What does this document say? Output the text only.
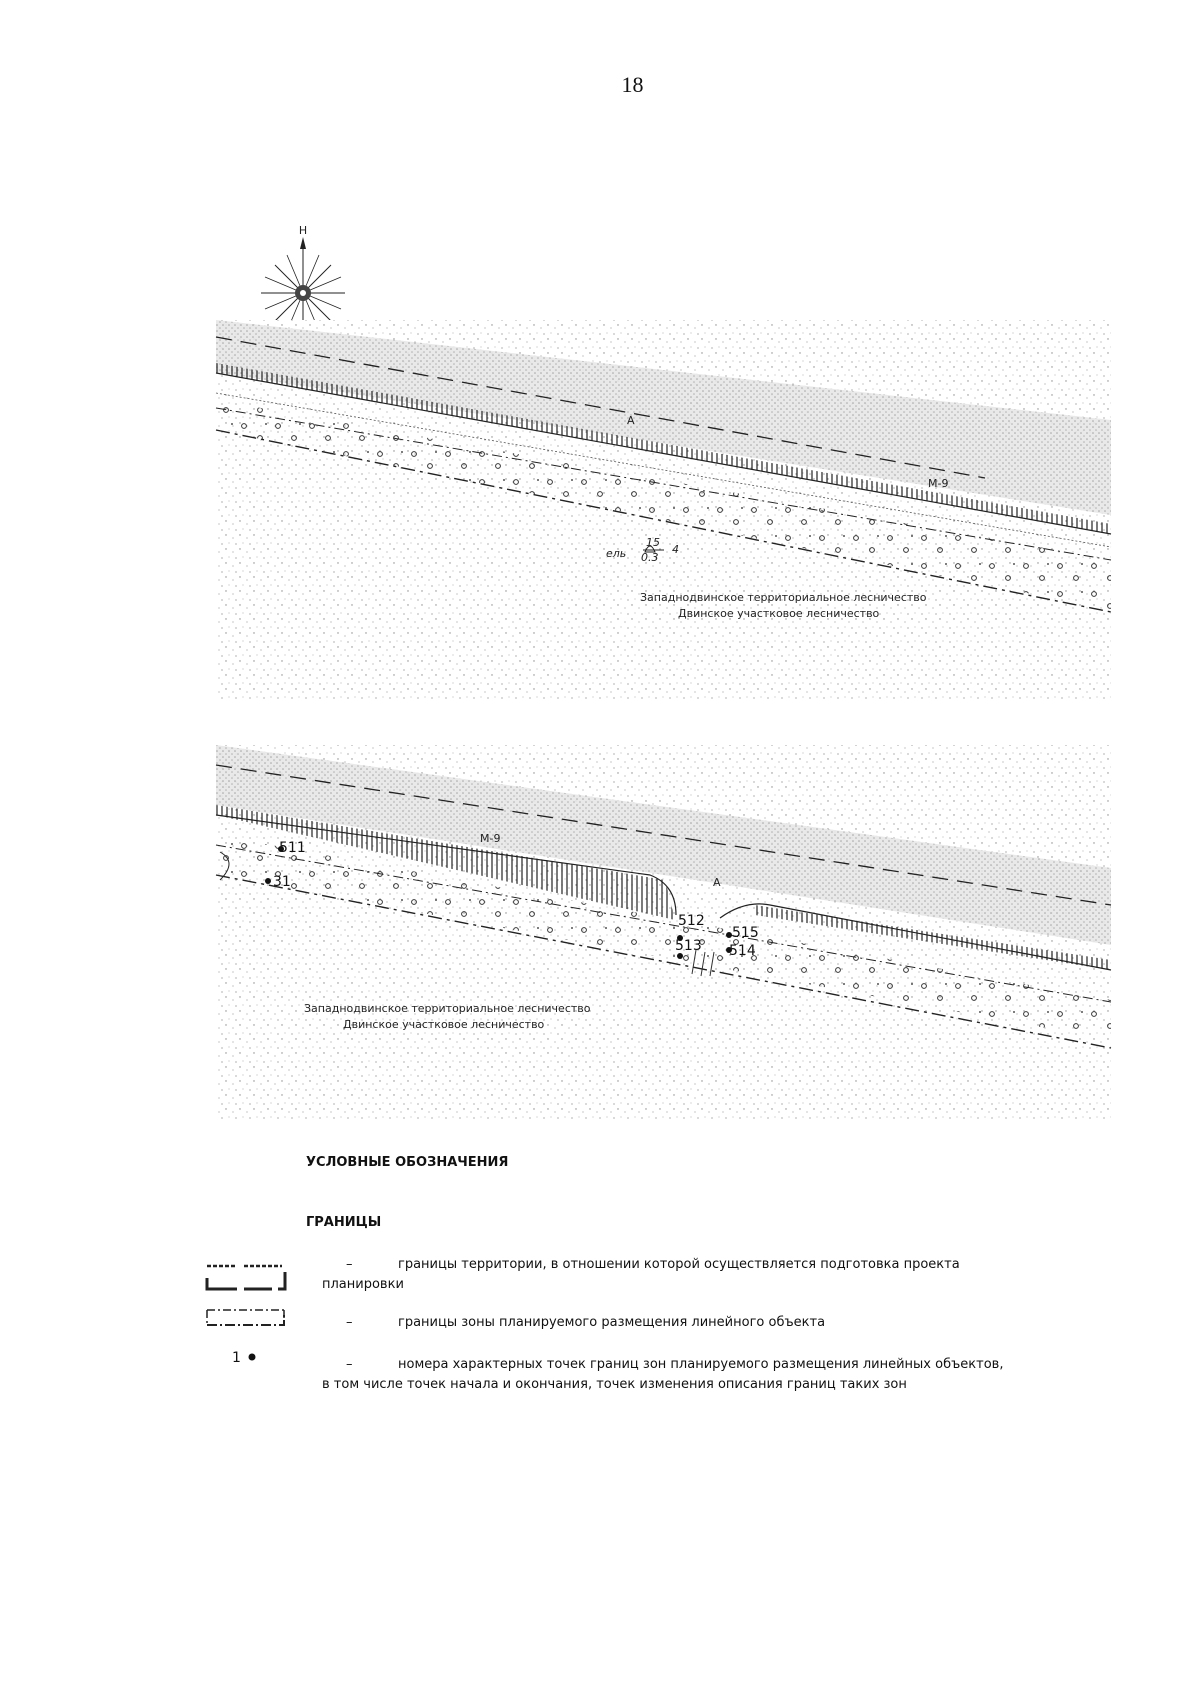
18
Н
А
М-9
ель
15
0.3
4
Западнодвинское территориальное лесничество
Двинское участковое лесничество
М-9
А
511
31
512
513
515
514
Западнодвинское территориальное лесничество
Двинское участковое лесничество
1
УСЛОВНЫЕ ОБОЗНАЧЕНИЯ
ГРАНИЦЫ
–	границы территории, в отношении которой осуществляется подготовка проекта
планировки
–	границы зоны планируемого размещения линейного объекта
–	номера характерных точек границ зон планируемого размещения линейных объектов,
в том числе точек начала и окончания, точек изменения описания границ таких зон
